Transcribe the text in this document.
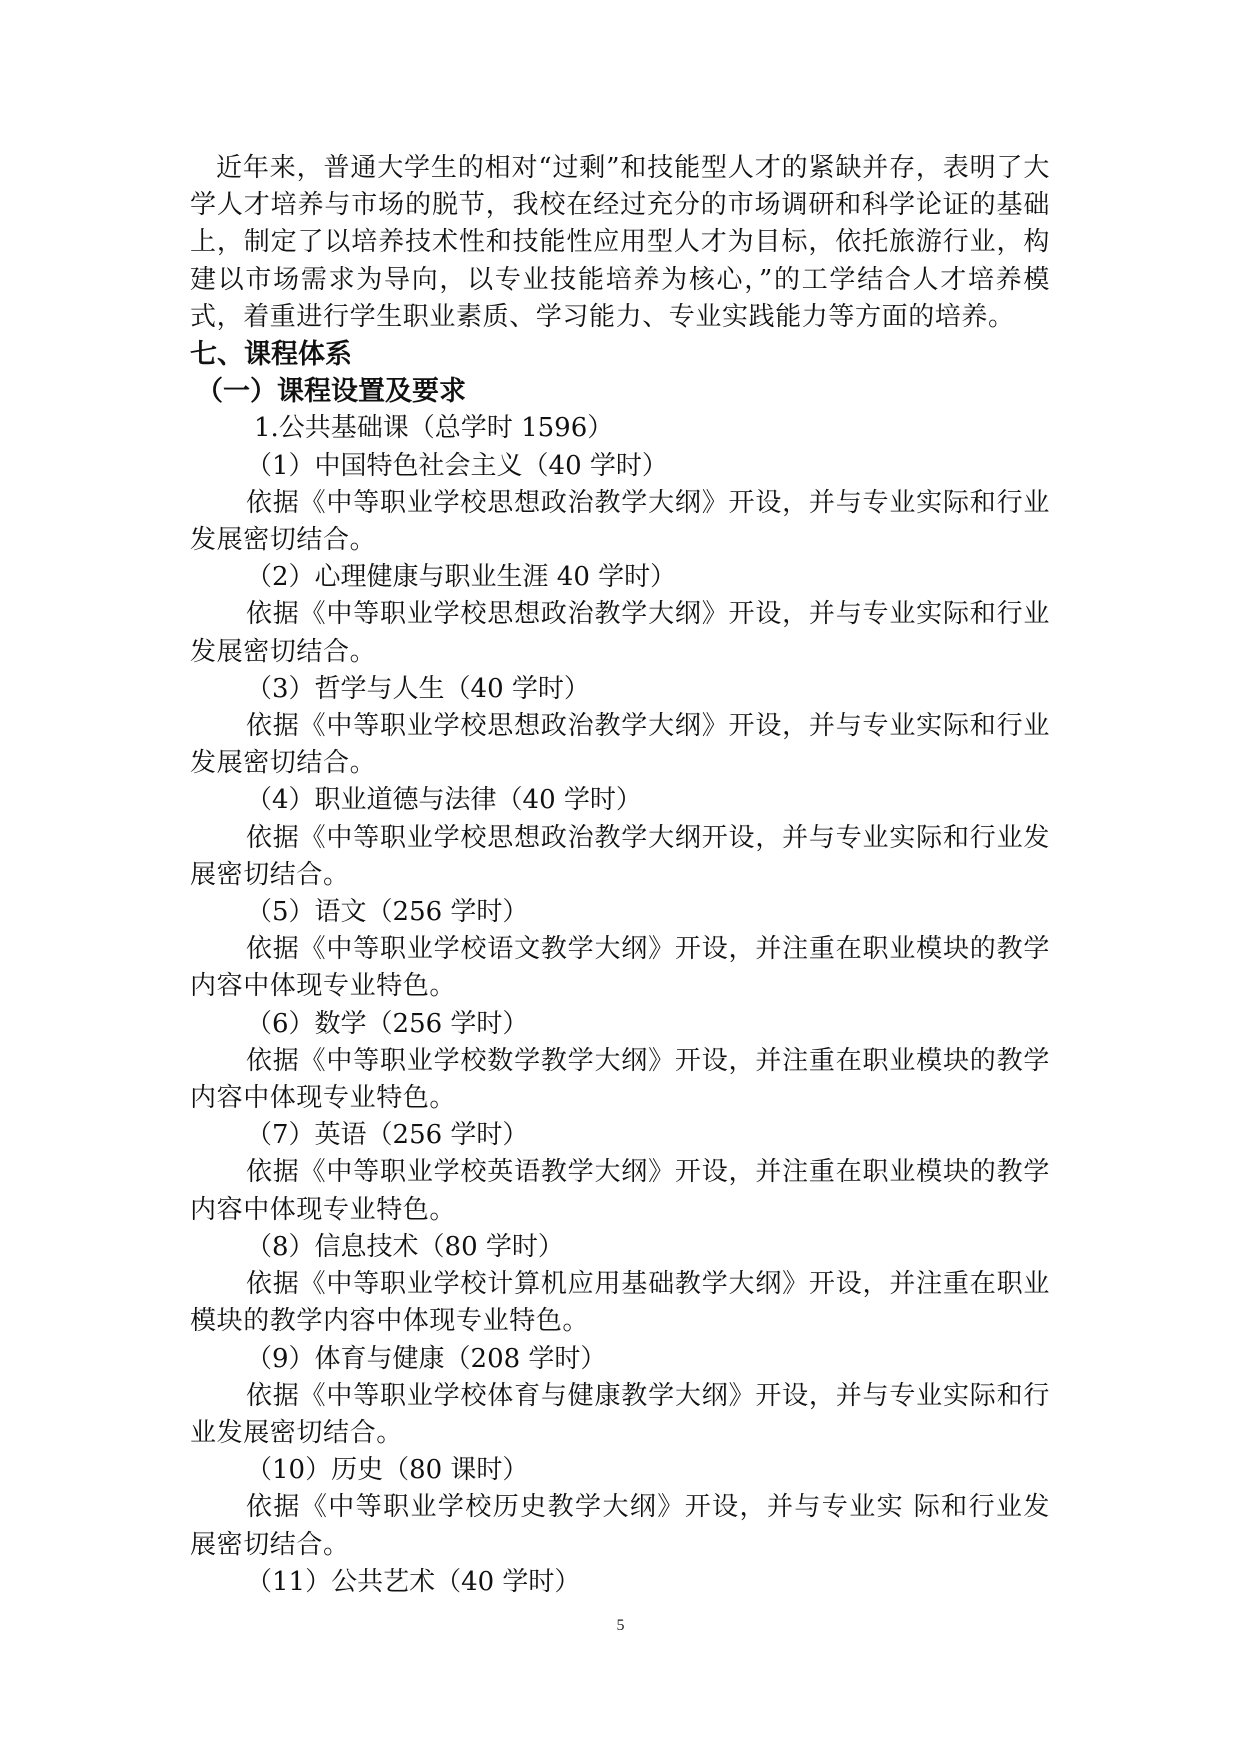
近年来，普通大学生的相对“过剩”和技能型人才的紧缺并存，表明了大学人才培养与市场的脱节，我校在经过充分的市场调研和科学论证的基础上，制定了以培养技术性和技能性应用型人才为目标，依托旅游行业，构建以市场需求为导向，以专业技能培养为核心，”的工学结合人才培养模式，着重进行学生职业素质、学习能力、专业实践能力等方面的培养。

七、课程体系

（一）课程设置及要求

1.公共基础课（总学时 1596）

（1）中国特色社会主义（40 学时）

依据《中等职业学校思想政治教学大纲》开设，并与专业实际和行业发展密切结合。

（2）心理健康与职业生涯 40 学时）

依据《中等职业学校思想政治教学大纲》开设，并与专业实际和行业发展密切结合。

（3）哲学与人生（40 学时）

依据《中等职业学校思想政治教学大纲》开设，并与专业实际和行业发展密切结合。

（4）职业道德与法律（40 学时）

依据《中等职业学校思想政治教学大纲开设，并与专业实际和行业发展密切结合。

（5）语文（256 学时）

依据《中等职业学校语文教学大纲》开设，并注重在职业模块的教学内容中体现专业特色。

（6）数学（256 学时）

依据《中等职业学校数学教学大纲》开设，并注重在职业模块的教学内容中体现专业特色。

（7）英语（256 学时）

依据《中等职业学校英语教学大纲》开设，并注重在职业模块的教学内容中体现专业特色。

（8）信息技术（80 学时）

依据《中等职业学校计算机应用基础教学大纲》开设，并注重在职业模块的教学内容中体现专业特色。

（9）体育与健康（208 学时）

依据《中等职业学校体育与健康教学大纲》开设，并与专业实际和行业发展密切结合。

（10）历史（80 课时）

依据《中等职业学校历史教学大纲》开设，并与专业实 际和行业发展密切结合。

（11）公共艺术（40 学时）

5
